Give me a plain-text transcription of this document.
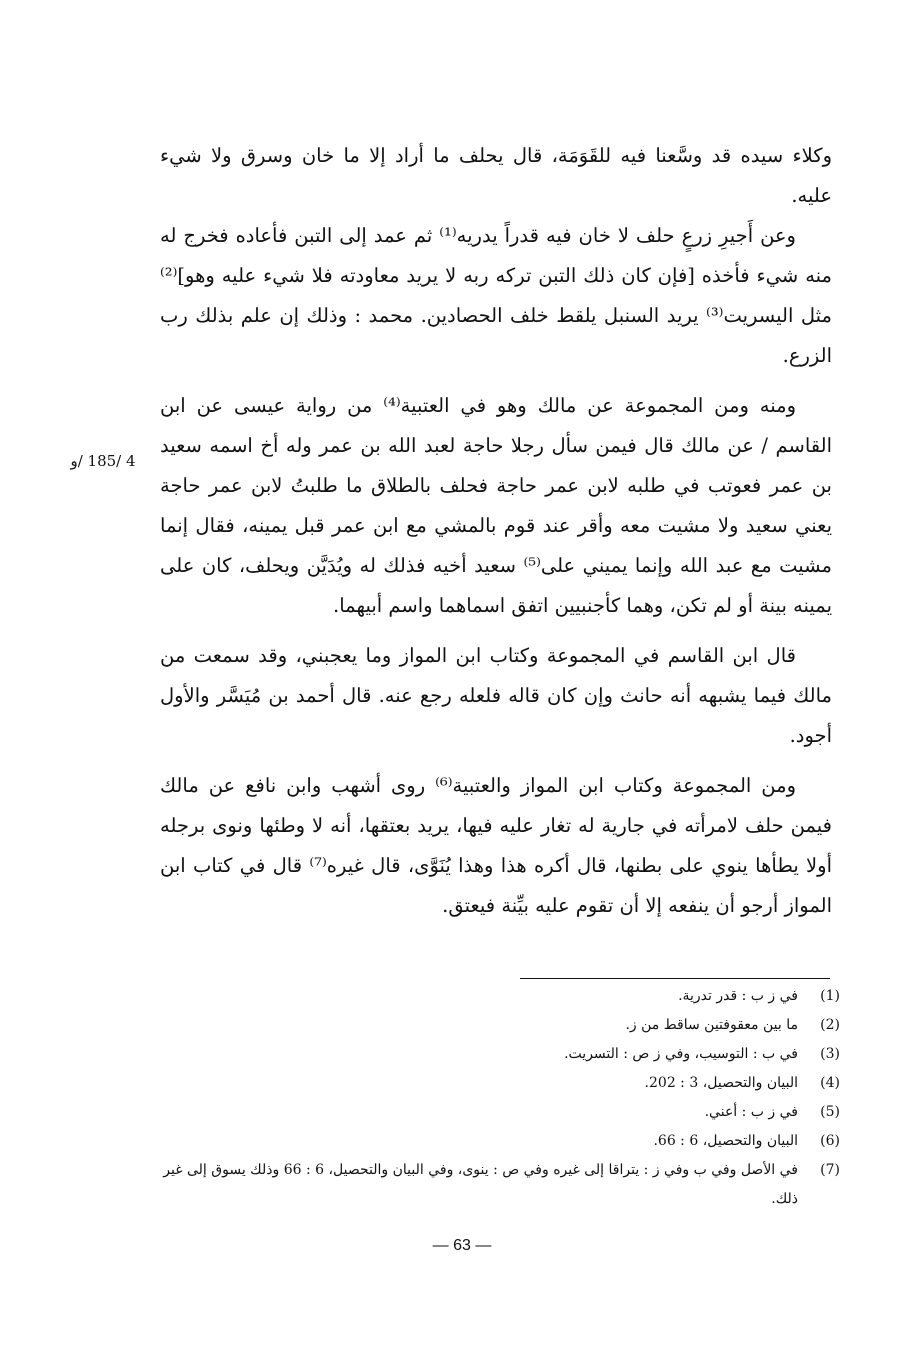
وكلاء سيده قد وسَّعنا فيه للقَوَمَة، قال يحلف ما أراد إلا ما خان وسرق ولا شيء عليه.

وعن أَجيرِ زرعٍ حلف لا خان فيه قدراً يدريه⁽¹⁾ ثم عمد إلى التبن فأعاده فخرج له منه شيء فأخذه [فإن كان ذلك التبن تركه ربه لا يريد معاودته فلا شيء عليه وهو]⁽²⁾ مثل اليسريت⁽³⁾ يريد السنبل يلقط خلف الحصادين. محمد : وذلك إن علم بذلك رب الزرع.

ومنه ومن المجموعة عن مالك وهو في العتبية⁽⁴⁾ من رواية عيسى عن ابن القاسم / عن مالك قال فيمن سأل رجلا حاجة لعبد الله بن عمر وله أخ اسمه سعيد بن عمر فعوتب في طلبه لابن عمر حاجة فحلف بالطلاق ما طلبتُ لابن عمر حاجة يعني سعيد ولا مشيت معه وأقر عند قوم بالمشي مع ابن عمر قبل يمينه، فقال إنما مشيت مع عبد الله وإنما يميني على⁽⁵⁾ سعيد أخيه فذلك له ويُدَيَّن ويحلف، كان على يمينه بينة أو لم تكن، وهما كأجنبيين اتفق اسماهما واسم أبيهما.

قال ابن القاسم في المجموعة وكتاب ابن المواز وما يعجبني، وقد سمعت من مالك فيما يشبهه أنه حانث وإن كان قاله فلعله رجع عنه. قال أحمد بن مُيَسَّر والأول أجود.

ومن المجموعة وكتاب ابن المواز والعتبية⁽⁶⁾ روى أشهب وابن نافع عن مالك فيمن حلف لامرأته في جارية له تغار عليه فيها، يريد بعتقها، أنه لا وطئها ونوى برجله أولا يطأها ينوي على بطنها، قال أكره هذا وهذا يُنَوَّى، قال غيره⁽⁷⁾ قال في كتاب ابن المواز أرجو أن ينفعه إلا أن تقوم عليه بيِّنة فيعتق.

4 /185 /و
(1)
في ز ب : قدر تدرية.
(2)
ما بين معقوفتين ساقط من ز.
(3)
في ب : التوسيب، وفي ز ص : التسريت.
(4)
البيان والتحصيل، 3 : 202.
(5)
في ز ب : أعني.
(6)
البيان والتحصيل، 6 : 66.
(7)
في الأصل وفي ب وفي ز : يتراقا إلى غيره وفي ص : ينوى، وفي البيان والتحصيل، 6 : 66 وذلك يسوق إلى غير ذلك.
— 63 —
